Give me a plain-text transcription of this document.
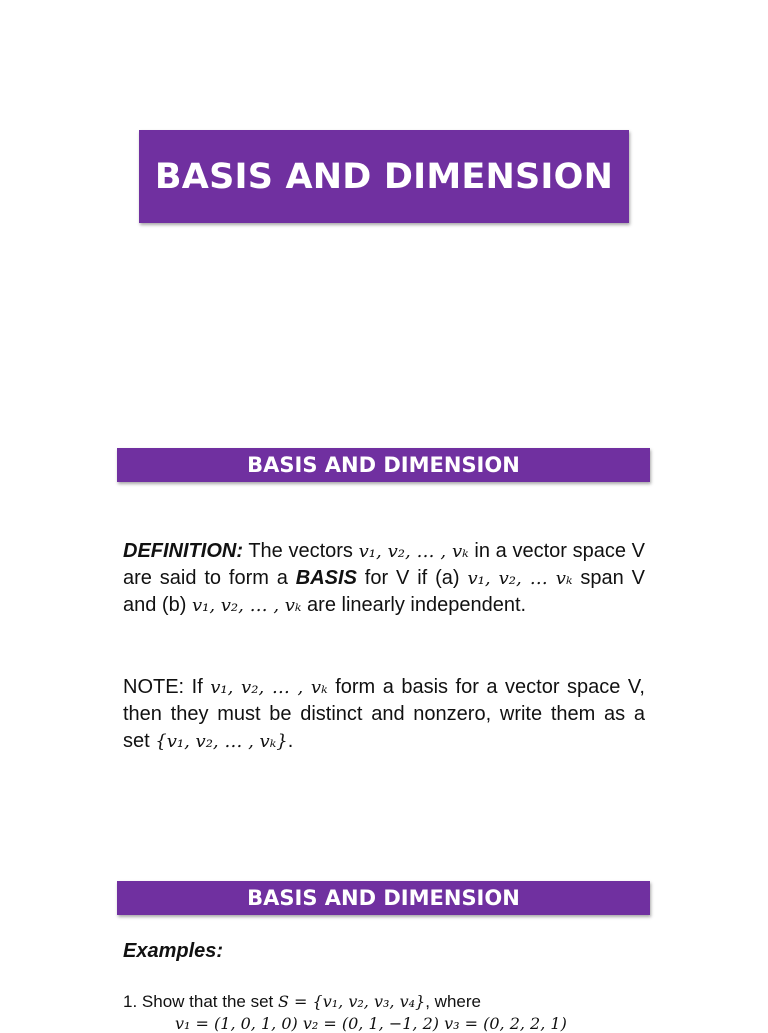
BASIS AND DIMENSION
BASIS AND DIMENSION
DEFINITION: The vectors v₁, v₂, … , vₖ in a vector space V are said to form a BASIS for V if (a) v₁, v₂, … vₖ span V and (b) v₁, v₂, … , vₖ are linearly independent.
NOTE: If v₁, v₂, … , vₖ form a basis for a vector space V, then they must be distinct and nonzero, write them as a set {v₁, v₂, … , vₖ}.
BASIS AND DIMENSION
Examples:
1. Show that the set S = {v₁, v₂, v₃, v₄}, where
v₁ = (1, 0, 1, 0) v₂ = (0, 1, −1, 2) v₃ = (0, 2, 2, 1)
